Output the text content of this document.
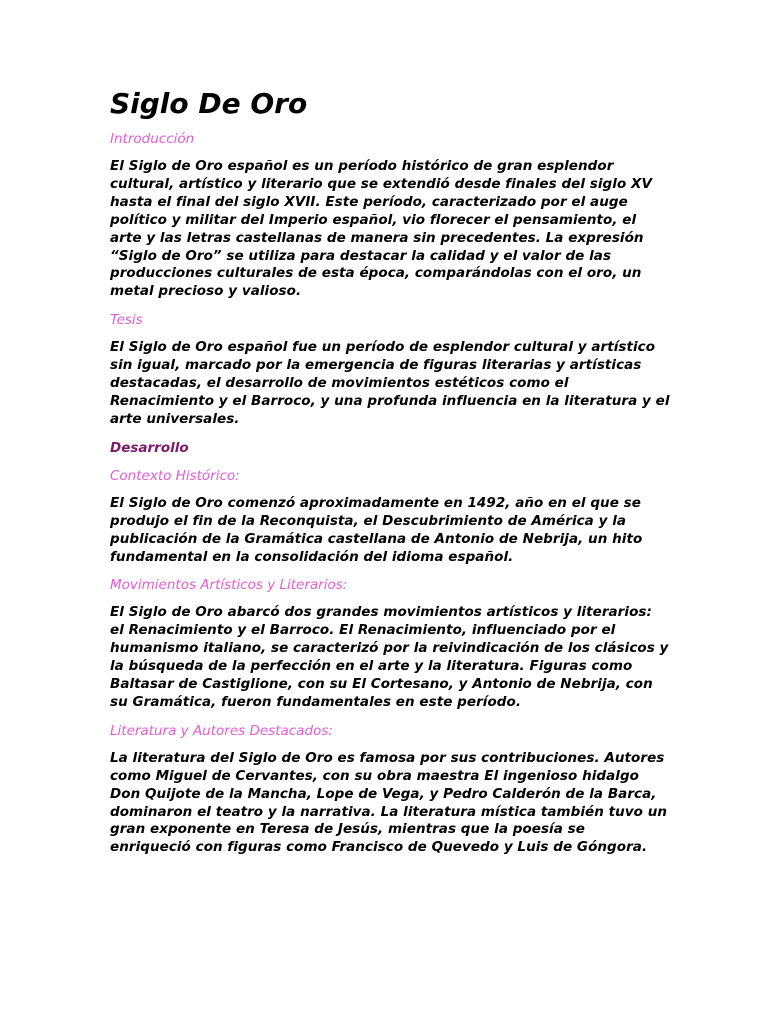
Siglo De Oro
Introducción

El Siglo de Oro español es un período histórico de gran esplendor cultural, artístico y literario que se extendió desde finales del siglo XV hasta el final del siglo XVII. Este período, caracterizado por el auge político y militar del Imperio español, vio florecer el pensamiento, el arte y las letras castellanas de manera sin precedentes. La expresión “Siglo de Oro” se utiliza para destacar la calidad y el valor de las producciones culturales de esta época, comparándolas con el oro, un metal precioso y valioso.

Tesis

El Siglo de Oro español fue un período de esplendor cultural y artístico sin igual, marcado por la emergencia de figuras literarias y artísticas destacadas, el desarrollo de movimientos estéticos como el Renacimiento y el Barroco, y una profunda influencia en la literatura y el arte universales.

Desarrollo
Contexto Histórico:

El Siglo de Oro comenzó aproximadamente en 1492, año en el que se produjo el fin de la Reconquista, el Descubrimiento de América y la publicación de la Gramática castellana de Antonio de Nebrija, un hito fundamental en la consolidación del idioma español.

Movimientos Artísticos y Literarios:

El Siglo de Oro abarcó dos grandes movimientos artísticos y literarios: el Renacimiento y el Barroco. El Renacimiento, influenciado por el humanismo italiano, se caracterizó por la reivindicación de los clásicos y la búsqueda de la perfección en el arte y la literatura. Figuras como Baltasar de Castiglione, con su El Cortesano, y Antonio de Nebrija, con su Gramática, fueron fundamentales en este período.

Literatura y Autores Destacados:

La literatura del Siglo de Oro es famosa por sus contribuciones. Autores como Miguel de Cervantes, con su obra maestra El ingenioso hidalgo Don Quijote de la Mancha, Lope de Vega, y Pedro Calderón de la Barca, dominaron el teatro y la narrativa. La literatura mística también tuvo un gran exponente en Teresa de Jesús, mientras que la poesía se enriqueció con figuras como Francisco de Quevedo y Luis de Góngora.
